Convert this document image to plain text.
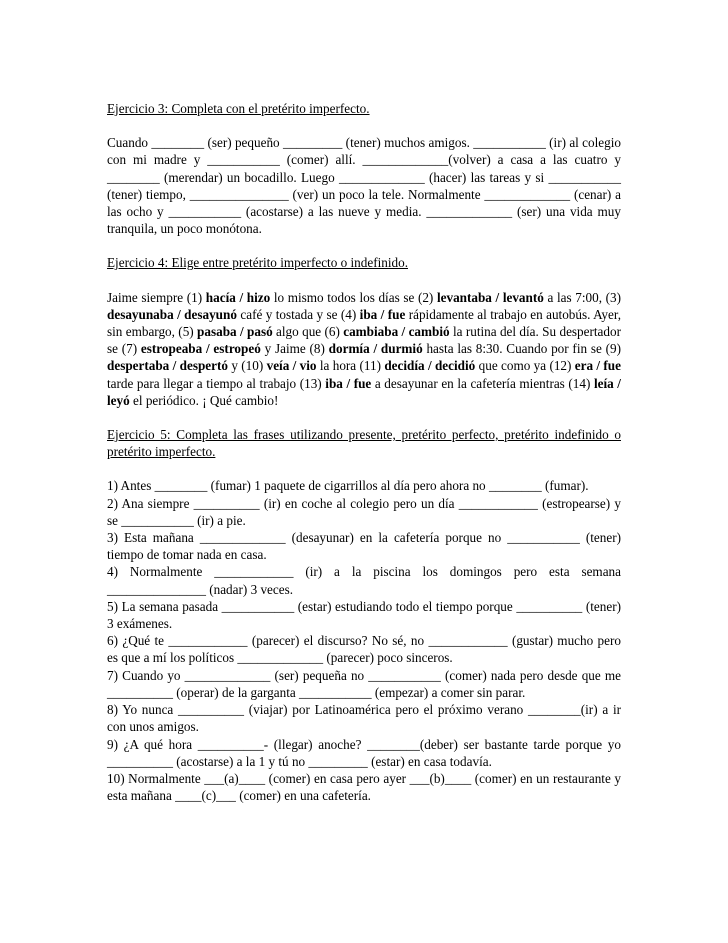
Ejercicio 3: Completa con el pretérito imperfecto.

Cuando ________ (ser) pequeño _________ (tener) muchos amigos. ___________ (ir) al colegio con mi madre y ___________ (comer) allí. _____________(volver) a casa a las cuatro y ________ (merendar) un bocadillo. Luego _____________ (hacer) las tareas y si ___________ (tener) tiempo, _______________ (ver) un poco la tele. Normalmente _____________ (cenar) a las ocho y ___________ (acostarse) a las nueve y media. _____________ (ser) una vida muy tranquila, un poco monótona.

Ejercicio 4: Elige entre pretérito imperfecto o indefinido.

Jaime siempre (1) hacía / hizo lo mismo todos los días se (2) levantaba / levantó a las 7:00, (3) desayunaba / desayunó café y tostada y se (4) iba / fue rápidamente al trabajo en autobús. Ayer, sin embargo, (5) pasaba / pasó algo que (6) cambiaba / cambió la rutina del día. Su despertador se (7) estropeaba / estropeó y Jaime (8) dormía / durmió hasta las 8:30. Cuando por fin se (9) despertaba / despertó y (10) veía / vio la hora (11) decidía / decidió que como ya (12) era / fue tarde para llegar a tiempo al trabajo (13) iba / fue a desayunar en la cafetería mientras (14) leía / leyó el periódico. ¡ Qué cambio!

Ejercicio 5: Completa las frases utilizando presente, pretérito perfecto, pretérito indefinido o pretérito imperfecto.

1) Antes ________ (fumar) 1 paquete de cigarrillos al día pero ahora no ________ (fumar).

2) Ana siempre __________ (ir) en coche al colegio pero un día ____________ (estropearse) y se ___________ (ir) a pie.

3) Esta mañana _____________ (desayunar) en la cafetería porque no ___________ (tener) tiempo de tomar nada en casa.

4) Normalmente ____________ (ir) a la piscina los domingos pero esta semana _______________ (nadar) 3 veces.

5) La semana pasada ___________ (estar) estudiando todo el tiempo porque __________ (tener) 3 exámenes.

6) ¿Qué te ____________ (parecer) el discurso? No sé, no ____________ (gustar) mucho pero es que a mí los políticos _____________ (parecer) poco sinceros.

7) Cuando yo _____________ (ser) pequeña no ___________ (comer) nada pero desde que me __________ (operar) de la garganta ___________ (empezar) a comer sin parar.

8) Yo nunca __________ (viajar) por Latinoamérica pero el próximo verano ________(ir) a ir con unos amigos.

9) ¿A qué hora __________- (llegar) anoche? ________(deber) ser bastante tarde porque yo __________ (acostarse) a la 1 y tú no _________ (estar) en casa todavía.

10) Normalmente ___(a)____ (comer) en casa pero ayer ___(b)____ (comer) en un restaurante y esta mañana ____(c)___ (comer) en una cafetería.
